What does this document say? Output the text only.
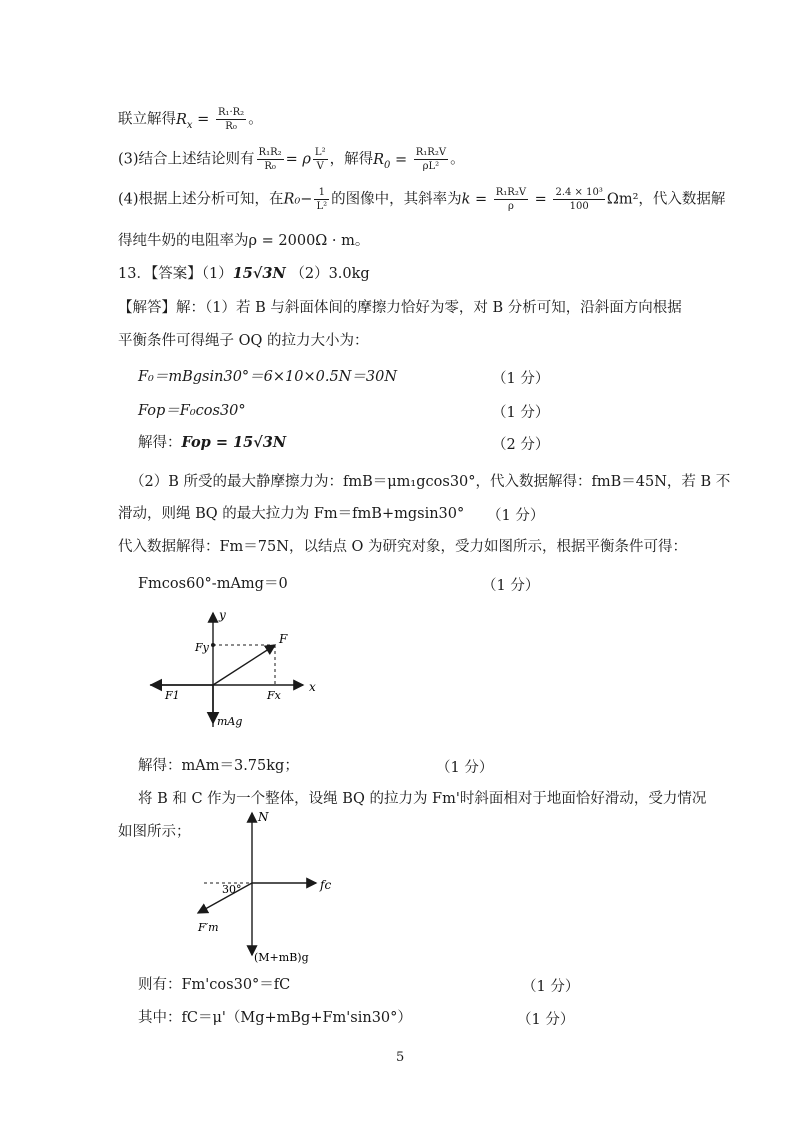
联立解得$R_x = \frac{\text{R₁·R₂}}{\text{R₀}}$ 。
(3)结合上述结论则有 $\frac{\text{R₁R₂}}{\text{R₀}} = \rho \frac{\text{L²}}{V}$ ，解得$R_0 = \frac{\text{R₁R₂V}}{\text{ρL²}}$ 。
(4)根据上述分析可知，在$R_0- \frac{1}{\text{L²}}$ 的图像中，其斜率为$k = \frac{\text{R₁R₂V}}{\rho} = \frac{\text{2.4 × 10³}}{100} \Omega m^2$，代入数据解
得纯牛奶的电阻率为ρ = 2000Ω · m。
13．【答案】（1）15√3N （2）3.0kg
【解答】解：（1）若 B 与斜面体间的摩擦力恰好为零，对 B 分析可知，沿斜面方向根据
平衡条件可得绳子 OQ 的拉力大小为：
F₀＝mBgsin30°＝6×10×0.5N＝30N	（1 分）
Fop＝F₀cos30°	（1 分）
解得：Fop = 15√3N	（2 分）
（2）B 所受的最大静摩擦力为：fmB＝μm₁gcos30°，代入数据解得：fmB＝45N，若 B 不
滑动，则绳 BQ 的最大拉力为 Fm＝fmB+mgsin30° （1 分）
代入数据解得：Fm＝75N，以结点 O 为研究对象，受力如图所示，根据平衡条件可得：
Fmcos60°-mAmg＝0	（1 分）
y
x
F
Fy
Fx
F1
mAg
解得：mAm＝3.75kg；	（1 分）
将 B 和 C 作为一个整体，设绳 BQ 的拉力为 Fm'时斜面相对于地面恰好滑动，受力情况
如图所示；
N
fc
30°
F′m
(M+mB)g
则有：Fm'cos30°＝fC	（1 分）
其中：fC＝μ'（Mg+mBg+Fm'sin30°）	（1 分）
5
